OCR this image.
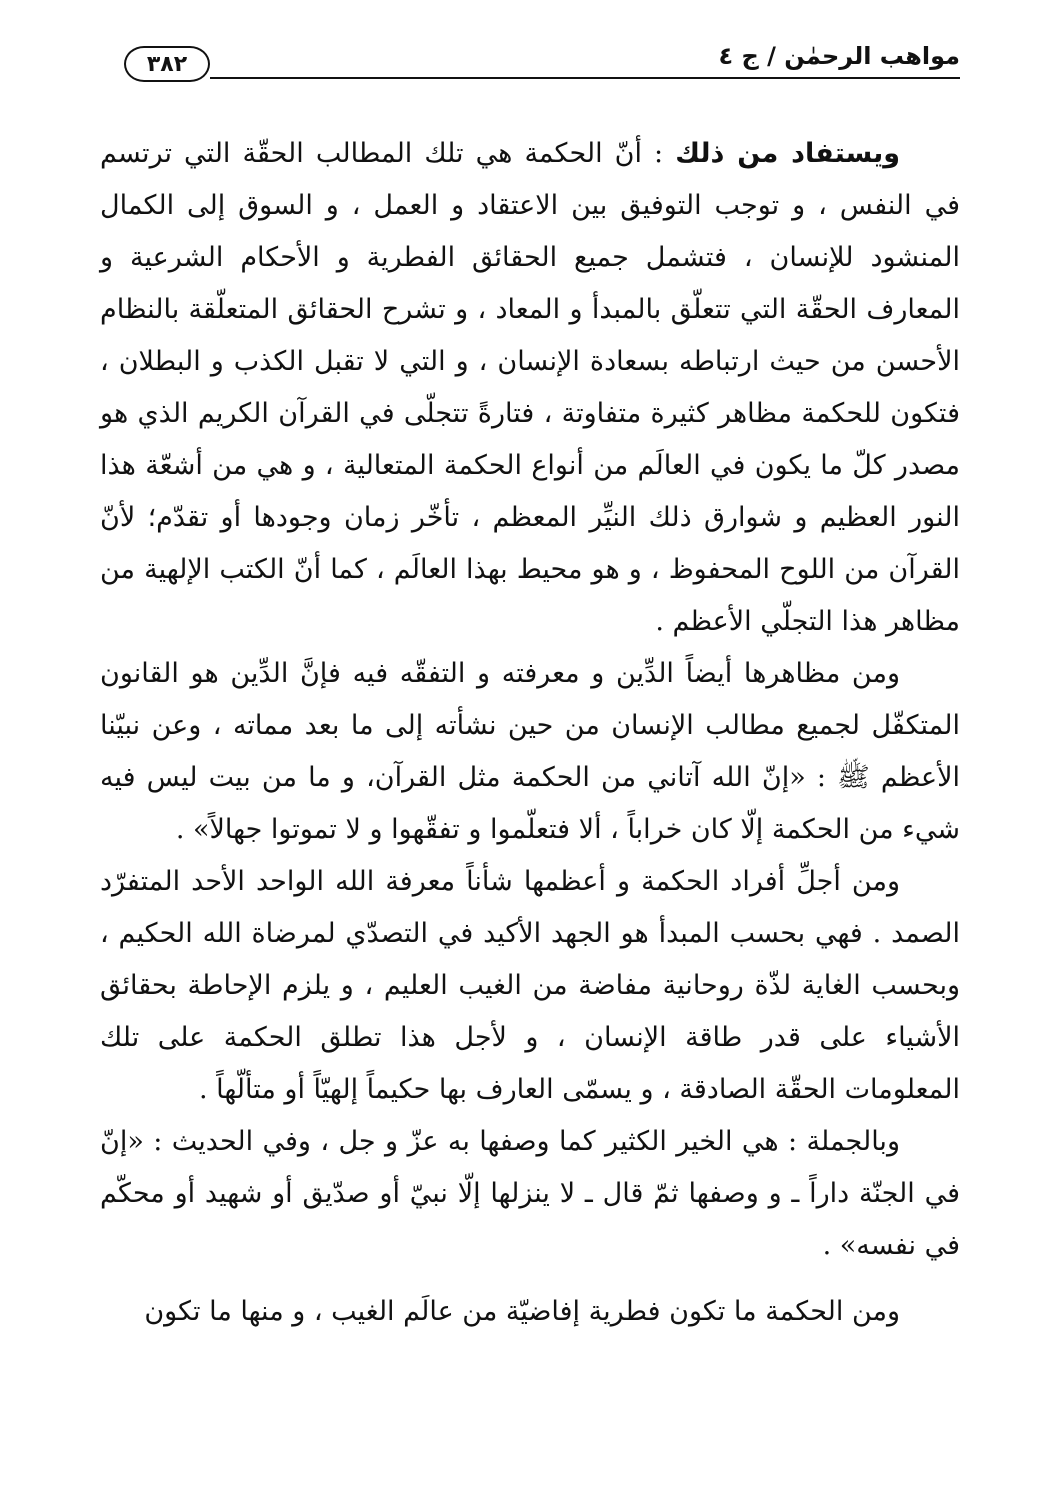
٣٨٢	مواهب الرحمٰن / ج ٤

ويستفاد من ذلك : أنّ الحكمة هي تلك المطالب الحقّة التي ترتسم في النفس ، و توجب التوفيق بين الاعتقاد و العمل ، و السوق إلى الكمال المنشود للإنسان ، فتشمل جميع الحقائق الفطرية و الأحكام الشرعية و المعارف الحقّة التي تتعلّق بالمبدأ و المعاد ، و تشرح الحقائق المتعلّقة بالنظام الأحسن من حيث ارتباطه بسعادة الإنسان ، و التي لا تقبل الكذب و البطلان ، فتكون للحكمة مظاهر كثيرة متفاوتة ، فتارةً تتجلّى في القرآن الكريم الذي هو مصدر كلّ ما يكون في العالَم من أنواع الحكمة المتعالية ، و هي من أشعّة هذا النور العظيم و شوارق ذلك النيِّر المعظم ، تأخّر زمان وجودها أو تقدّم؛ لأنّ القرآن من اللوح المحفوظ ، و هو محيط بهذا العالَم ، كما أنّ الكتب الإلهية من مظاهر هذا التجلّي الأعظم .

ومن مظاهرها أيضاً الدِّين و معرفته و التفقّه فيه فإنَّ الدِّين هو القانون المتكفّل لجميع مطالب الإنسان من حين نشأته إلى ما بعد مماته ، وعن نبيّنا الأعظم ﷺ : «إنّ الله آتاني من الحكمة مثل القرآن، و ما من بيت ليس فيه شيء من الحكمة إلّا كان خراباً ، ألا فتعلّموا و تفقّهوا و لا تموتوا جهالاً» .

ومن أجلِّ أفراد الحكمة و أعظمها شأناً معرفة الله الواحد الأحد المتفرّد الصمد . فهي بحسب المبدأ هو الجهد الأكيد في التصدّي لمرضاة الله الحكيم ، وبحسب الغاية لذّة روحانية مفاضة من الغيب العليم ، و يلزم الإحاطة بحقائق الأشياء على قدر طاقة الإنسان ، و لأجل هذا تطلق الحكمة على تلك المعلومات الحقّة الصادقة ، و يسمّى العارف بها حكيماً إلهيّاً أو متألّهاً .

وبالجملة : هي الخير الكثير كما وصفها به عزّ و جل ، وفي الحديث : «إنّ في الجنّة داراً ـ و وصفها ثمّ قال ـ لا ينزلها إلّا نبيّ أو صدّيق أو شهيد أو محكّم في نفسه» .

ومن الحكمة ما تكون فطرية إفاضيّة من عالَم الغيب ، و منها ما تكون
